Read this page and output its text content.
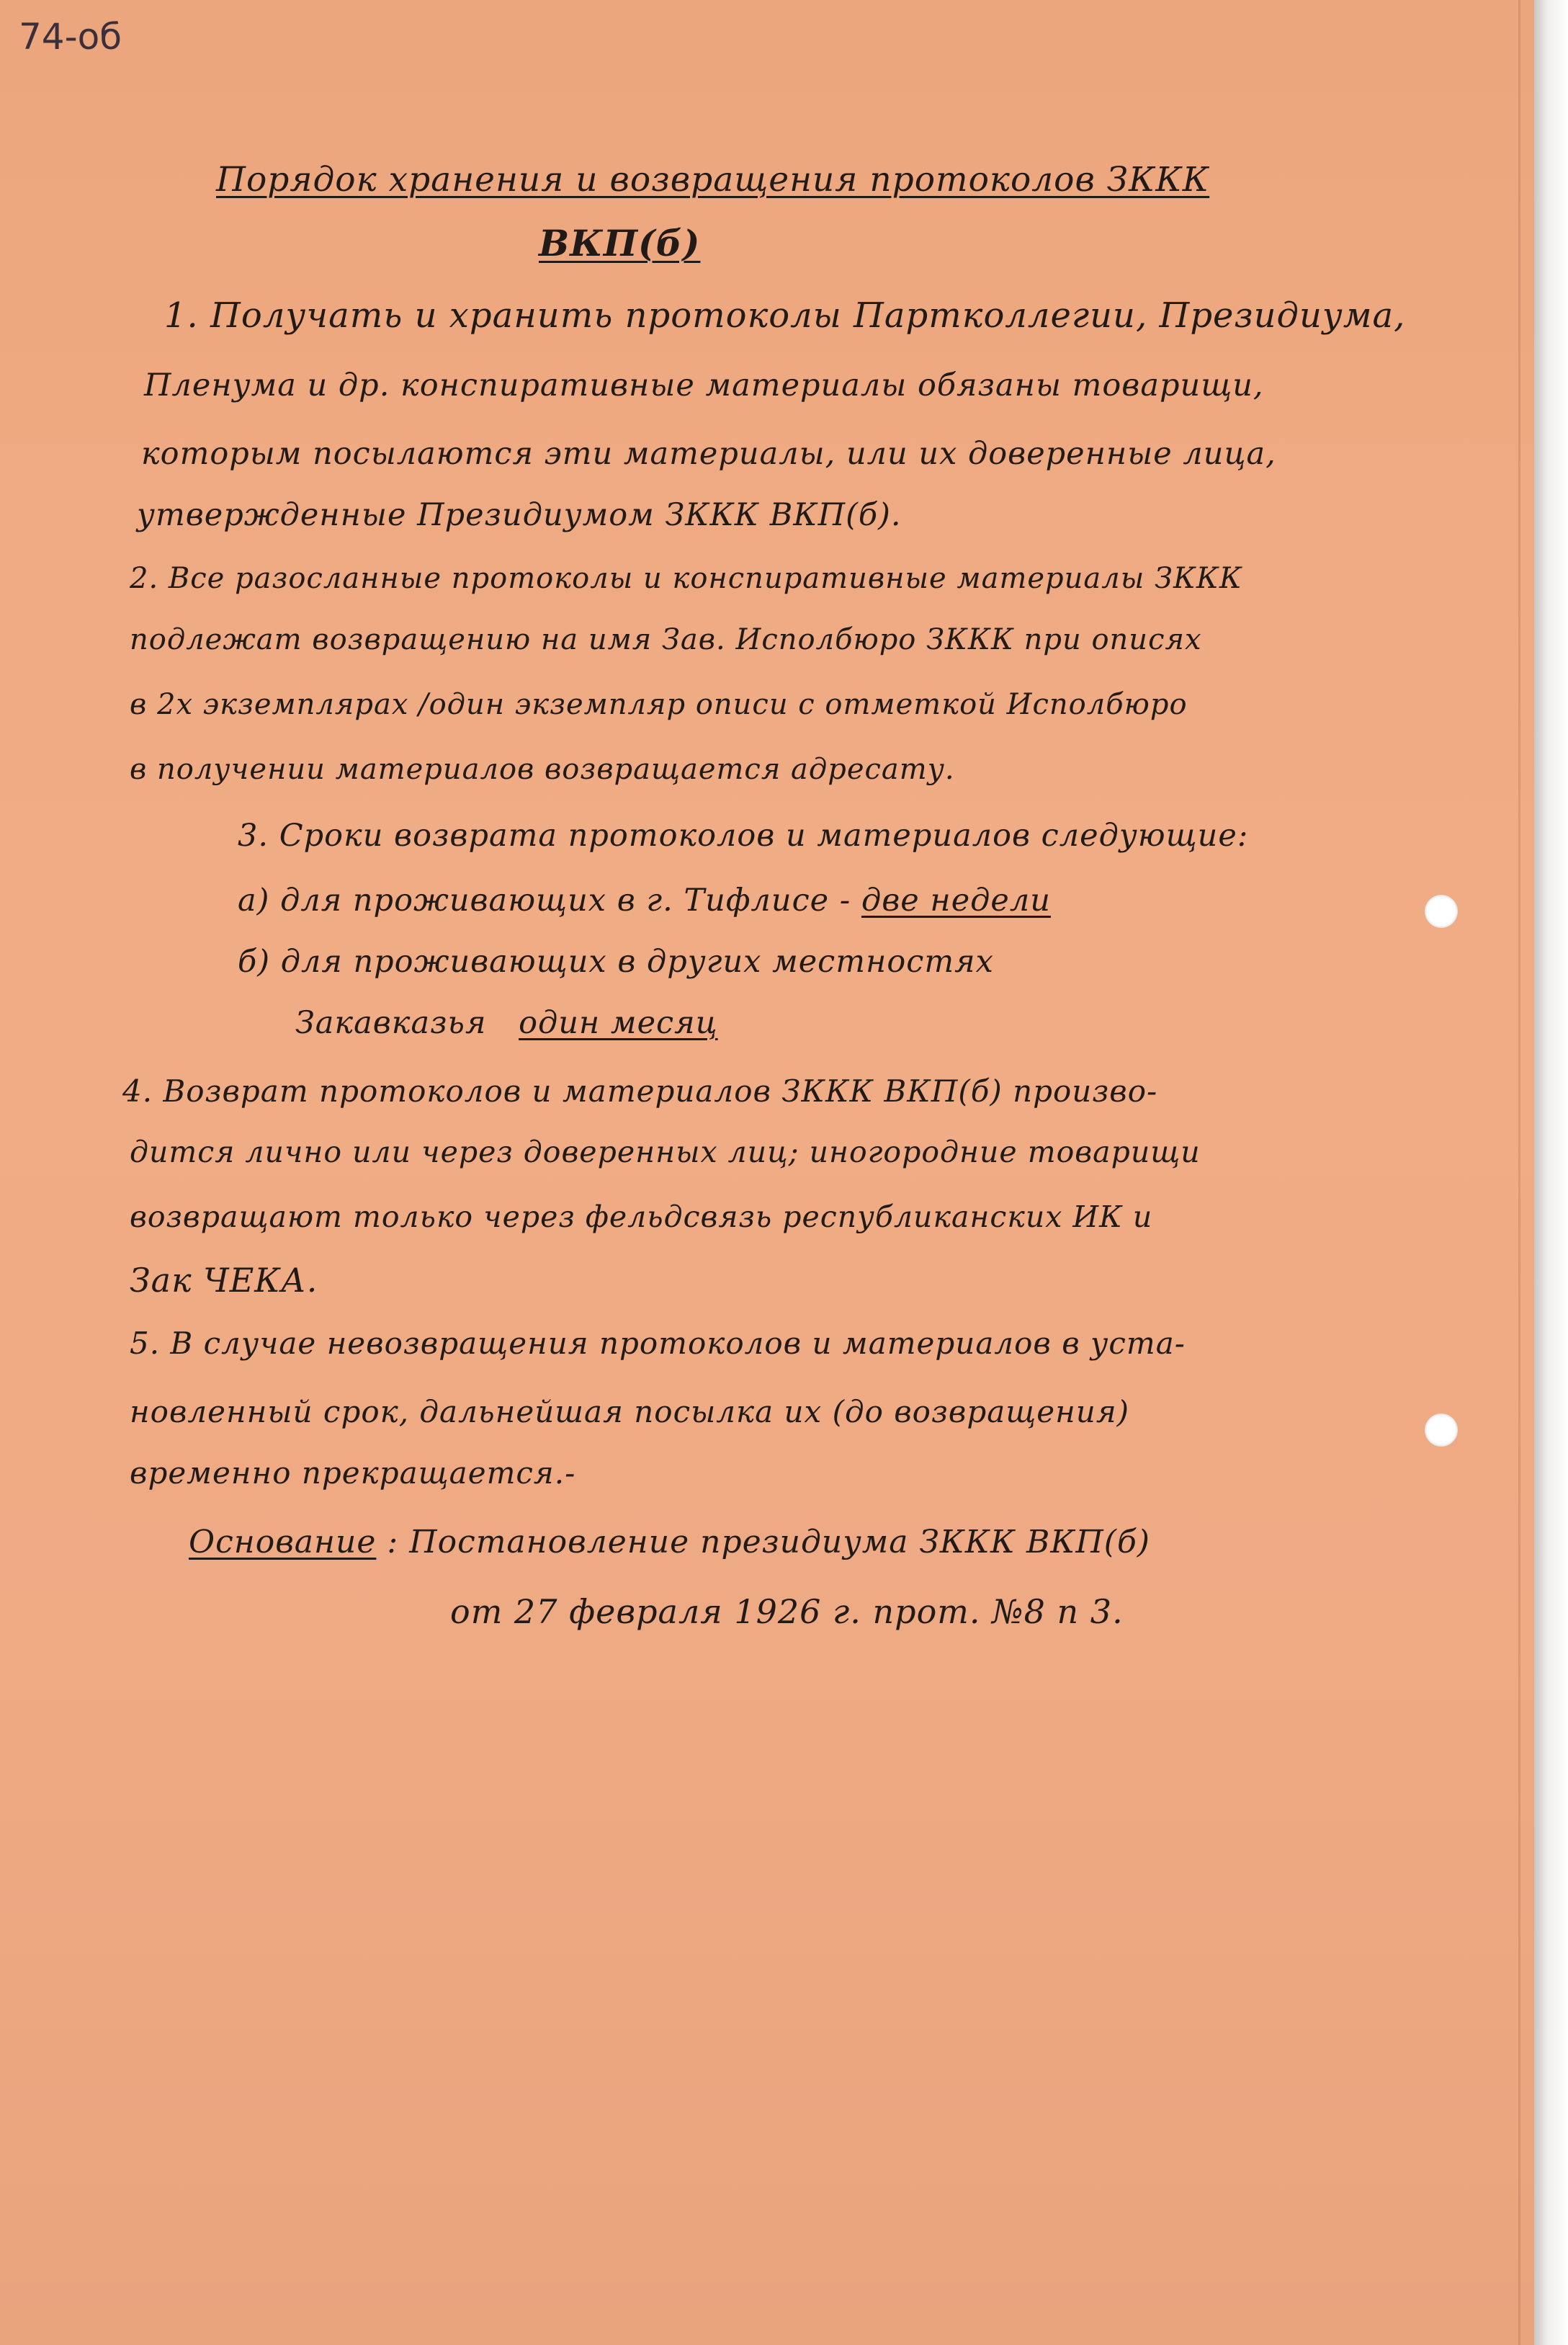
74-об
Порядок хранения и возвращения протоколов ЗККК
ВКП(б)
1. Получать и хранить протоколы Партколлегии, Президиума,
Пленума и др. конспиративные материалы обязаны товарищи,
которым посылаются эти материалы, или их доверенные лица,
утвержденные Президиумом ЗККК ВКП(б).
2. Все разосланные протоколы и конспиративные материалы ЗККК
подлежат возвращению на имя Зав. Исполбюро ЗККК при описях
в 2х экземплярах /один экземпляр описи с отметкой Исполбюро
в получении материалов возвращается адресату.
3. Сроки возврата протоколов и материалов следующие:
а) для проживающих в г. Тифлисе - две недели
б) для проживающих в других местностях
Закавказья один месяц
4. Возврат протоколов и материалов ЗККК ВКП(б) произво-
дится лично или через доверенных лиц; иногородние товарищи
возвращают только через фельдсвязь республиканских ИК и
Зак ЧЕКА.
5. В случае невозвращения протоколов и материалов в уста-
новленный срок, дальнейшая посылка их (до возвращения)
временно прекращается.-
Основание : Постановление президиума ЗККК ВКП(б)
от 27 февраля 1926 г. прот. №8 п 3.
